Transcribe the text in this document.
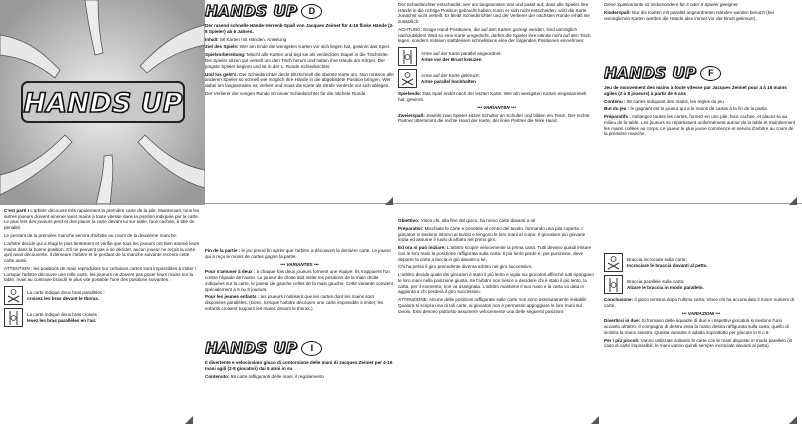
HANDS UP

C'est parti ! L'arbitre découvre très rapidement la première carte de la pile. Maintenant, tous les autres joueurs doivent amener leurs mains à toute vitesse dans la position indiquée par la carte. Le plus lent des joueurs perd et doit placer la carte devant lui sur table, face cachée, à titre de pénalité.

Le perdant de la première manche servira d'arbitre au cours de la deuxième manche.

L'arbitre décide qui a réagi le plus lentement et vérifie que tous les joueurs ont bien amené leurs mains dans la bonne position. S'il ne peuvent pas à se décider, aucun joueur ne reçoit la carte qu'il avait découverte. Il demeure l'arbitre et le perdant de la manche suivante recevra cette carte aussi.

ATTENTION : les positions de main reproduites sur certaines cartes sont impossibles à imiter ! Lorsque l'arbitre découvre une telle carte, les joueurs ne doivent pas poser leurs mains sur la table, mais au contraire brandir le plus vite possible l'une des positions suivantes :

La carte indique deux bras parallèles :
croisez les bras devant le thorax.
La carte indique deux bras croisés :
levez les bras parallèles en l'air.
HANDS UP	D

Der rasend schnelle Hände-Verrenk-Spaß von Jacques Zeimet für 4-16 flinke Hände (2-8 Spieler) ab 6 Jahren.

Inhalt: 58 Karten mit Händen, Anleitung

Ziel des Spiels: Wer am Ende die wenigsten Karten vor sich liegen hat, gewinnt das Spiel.

Spielvorbereitung: Mischt alle Karten und legt sie als verdeckten Stapel in die Tischmitte. Die Spieler sitzen gut verteilt um den Tisch herum und halten ihre Hände am Körper. Der jüngste Spieler beginnt und ist in der 1. Runde Schiedsrichter.

Und los geht's: Der Schiedsrichter deckt blitzschnell die oberste Karte um. Nun müssen alle anderen Spieler so schnell wie möglich ihre Hände in die abgebildete Position bringen. Wer dabei am langsamsten ist, verliert und muss die Karte als Strafe verdeckt vor sich ablegen.

Der Verlierer der vorigen Runde ist neuer Schiedsrichter für die nächste Runde.

Fin de la partie : le jeu prend fin après que l'arbitre a découvert la dernière carte. Le joueur qui a reçu le moins de cartes gagne la partie.

••• VARIANTES •••

Pour s'amuser à deux : à chaque fois deux joueurs forment une équipe. Ils s'appuient l'un contre l'épaule de l'autre. Le joueur de droite doit imiter les positions de la main droite indiquées sur la carte, le joueur de gauche celles de la main gauche. Cette variante convient spécialement à 6 ou 8 joueurs.

Pour les jeunes enfants : les joueurs n'utilisent que les cartes dont les mains sont disposées parallèles. (Donc, lorsque l'arbitre découvre une carte impossible à imiter, les enfants croisent toujours les mains devant le thorax.)

HANDS UP	I

Il divertente e velocissimo gioco di contorsione delle mani di Jacques Zeimet per 4-16 mani agili (2-8 giocatori) dai 6 anni in su

Contenuto: 58 carte raffiguranti delle mani, il regolamento

Der Schiedsrichter entscheidet, wer am langsamsten war und passt auf, dass alle Spieler ihre Hände in die richtige Position gebracht haben. Kann er sich nicht entscheiden, wird die Karte zunächst nicht verteilt. Er bleibt Schiedsrichter und der Verlierer der nächsten Runde erhält sie zusätzlich.

ACHTUNG: Einige Hand-Positionen, die auf den Karten gezeigt werden, sind unmöglich nachzubilden! Wird so eine Karte umgedreht, dürfen die Spieler ihre Hände nicht auf den Tisch legen, sondern müssen stattdessen schnellstens eine der folgenden Positionen einnehmen:

Arme auf der Karte parallel angeordnet:
Arme vor der Brust kreuzen
Arme auf der Karte gekreuzt:
Arme parallel hochhalten

Spielende: Das Spiel endet nach der letzten Karte. Wer am wenigsten Karten eingesammelt hat, gewinnt.

••• VARIANTEN •••

Zweierspaß: Jeweils zwei Spieler sitzen Schulter an Schulter und bilden ein Team. Der rechte Partner übernimmt die rechte Hand der Karte, der linke Partner die linke Hand.

Obiettivo: Vince chi, alla fine del gioco, ha meno carte davanti a sé

Preparativi: Mischiate le carte e ponetele al centro del tavolo, formando una pila coperta. I giocatori si siedono intorno al tavolo e tengono le loro mani al corpo. Il giocatore più giovane inizia ed assume il ruolo di arbitro nel primo giro.

Ed ora si può iniziare: L'arbitro scopre velocemente la prima carta. Tutti devono quindi imitare con le loro mani la posizione raffigurata sulla carta. Il più lento perde e, per punizione, deve deporre la carta a faccia in giù davanti a sé.

Chi ha perso il giro precedente diventa arbitro nel giro successivo.

L'arbitro decide quale dei giocatori è stato il più lento e vigila sui giocatori affinché tutti ripongano le loro mani nella posizione giusta. Se l'arbitro non riesce a decidere chi è stato il più lento, la carta, per il momento, non va assegnata. L'arbitro mantiene il suo ruolo e la carta va data in aggiunta a chi perderà il giro successivo.

ATTENZIONE: Alcune delle posizioni raffigurate sulle carte non sono assolutamente imitabili! Qualora si scopra una di tali carte, ai giocatori non è permesso appoggiare le loro mani sul tavolo. Essi devono piuttosto assumere velocemente una delle seguenti posizioni:

Diese Spielvariante ist insbesondere für 6 oder 8 Spieler geeignet.

Kinderspaß: Nur die Karten mit parallel angeordneten Händen werden benutzt (bei unmöglichen Karten werden die Hände also immer vor der Brust gekreuzt).

HANDS UP	F

Jeu de mouvement des mains à toute vitesse par Jacques Zeimet pour 4 à 16 mains agiles (2 à 8 joueurs) à partir de 6 ans

Contenu : 58 cartes indiquant des mains, les règles du jeu

But du jeu : le gagnant est le joueur qui a le moins de cartes à la fin de la partie.

Préparatifs : mélangez toutes les cartes, formez-en une pile, face cachée, et placez-la au milieu de la table. Les joueurs se répartissent uniformément autour de la table et maintiennent les mains collées au corps. Le joueur le plus jeune commence et servira d'arbitre au cours de la première manche.

Braccia incrociate sulla carta:
Incrociare le braccia davanti al petto.
Braccia parallele sulla carta:
Alzare le braccia in modo parallelo.

Conclusione: Il gioco termina dopo l'ultima carta. Vince chi ha accumulato il minor numero di carte.

••• VARIAZIONI •••

Divertirsi in due: Si formano delle squadre di due e i rispettivi giocatori si siedono l'uno accanto all'altro. Il compagno di destra imita la mano destra raffigurata sulla carta, quello di sinistra la mano sinistra. Questa variante è adatta soprattutto per giocare in 6 o 8.

Per i più piccoli: Vanno utilizzate soltanto le carte con le mani disposte in modo parallelo (in caso di carte impossibili, le mani vanno quindi sempre incrociate davanti al petto).

2
3
7
4
9
